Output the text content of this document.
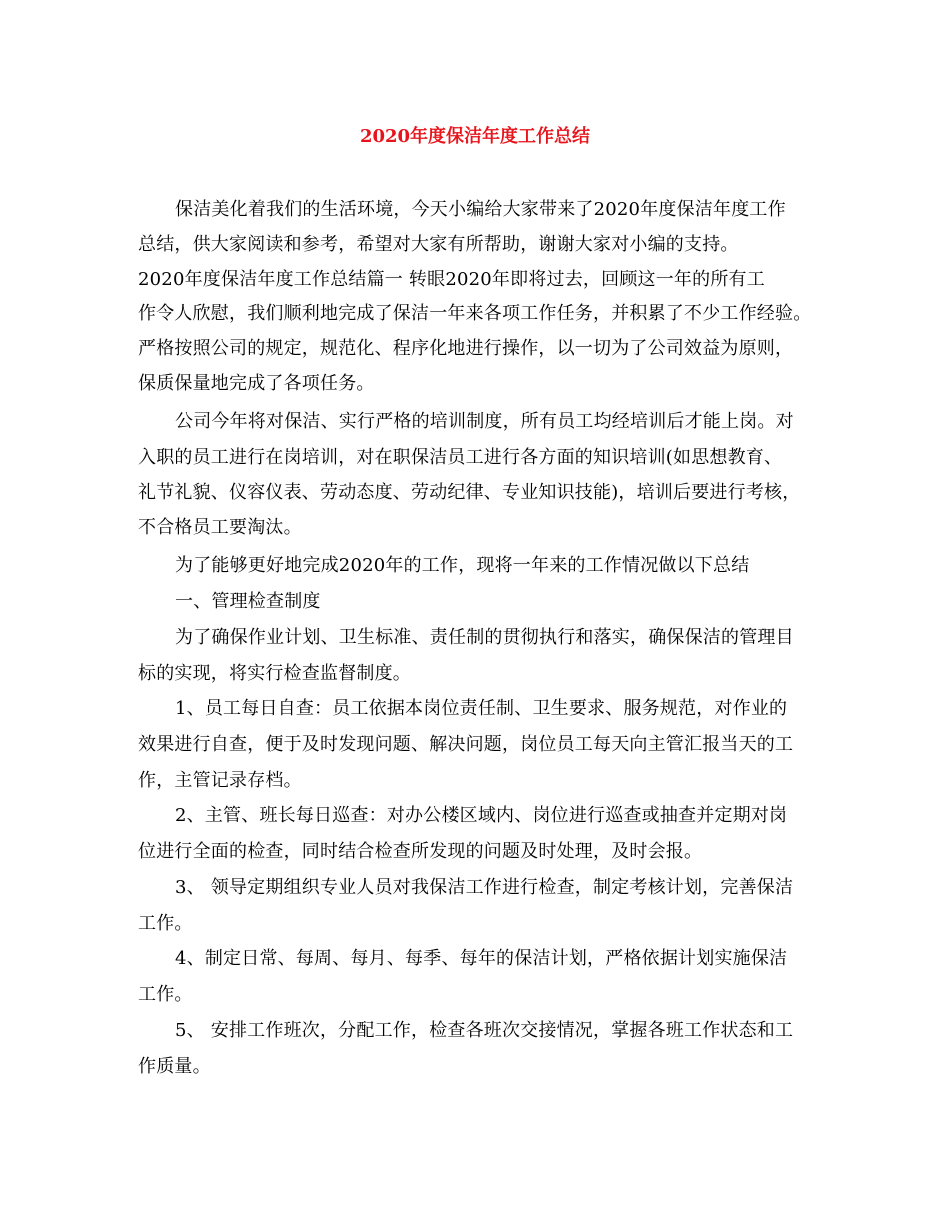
2020年度保洁年度工作总结
保洁美化着我们的生活环境，今天小编给大家带来了2020年度保洁年度工作
总结，供大家阅读和参考，希望对大家有所帮助，谢谢大家对小编的支持。
2020年度保洁年度工作总结篇一 转眼2020年即将过去，回顾这一年的所有工
作令人欣慰，我们顺利地完成了保洁一年来各项工作任务，并积累了不少工作经验。
严格按照公司的规定，规范化、程序化地进行操作，以一切为了公司效益为原则，
保质保量地完成了各项任务。
公司今年将对保洁、实行严格的培训制度，所有员工均经培训后才能上岗。对
入职的员工进行在岗培训，对在职保洁员工进行各方面的知识培训(如思想教育、
礼节礼貌、仪容仪表、劳动态度、劳动纪律、专业知识技能)，培训后要进行考核，
不合格员工要淘汰。
为了能够更好地完成2020年的工作，现将一年来的工作情况做以下总结
一、管理检查制度
为了确保作业计划、卫生标准、责任制的贯彻执行和落实，确保保洁的管理目
标的实现，将实行检查监督制度。
1、员工每日自查：员工依据本岗位责任制、卫生要求、服务规范，对作业的
效果进行自查，便于及时发现问题、解决问题，岗位员工每天向主管汇报当天的工
作，主管记录存档。
2、主管、班长每日巡查：对办公楼区域内、岗位进行巡查或抽查并定期对岗
位进行全面的检查，同时结合检查所发现的问题及时处理，及时会报。
3、 领导定期组织专业人员对我保洁工作进行检查，制定考核计划，完善保洁
工作。
4、制定日常、每周、每月、每季、每年的保洁计划，严格依据计划实施保洁
工作。
5、 安排工作班次，分配工作，检查各班次交接情况，掌握各班工作状态和工
作质量。
